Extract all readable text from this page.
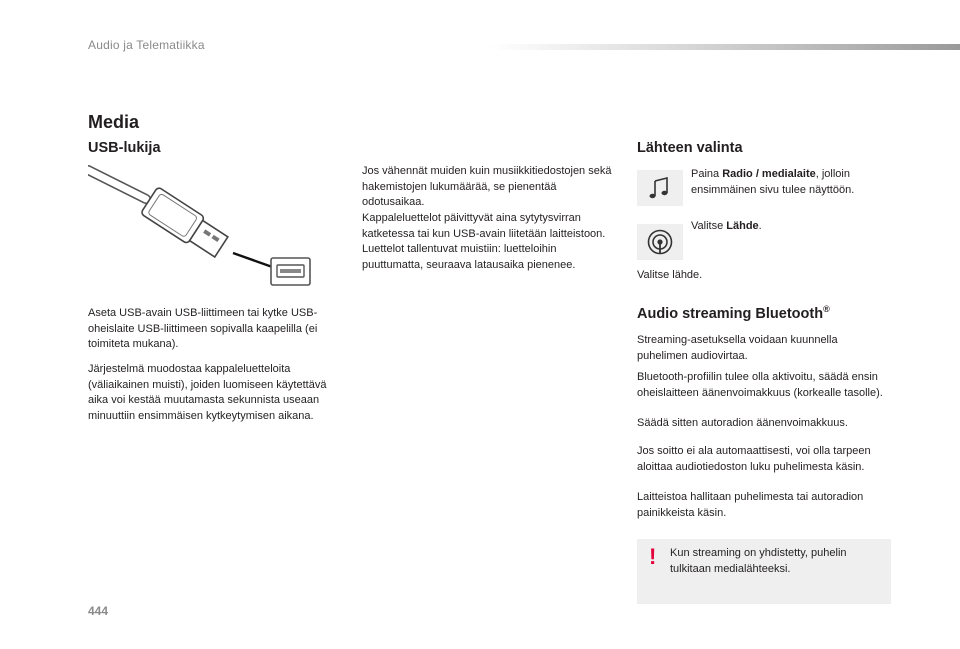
Audio ja Telematiikka
Media
USB-lukija

Aseta USB-avain USB-liittimeen tai kytke USB-oheislaite USB-liittimeen sopivalla kaapelilla (ei toimiteta mukana).

Järjestelmä muodostaa kappaleluetteloita (väliaikainen muisti), joiden luomiseen käytettävä aika voi kestää muutamasta sekunnista useaan minuuttiin ensimmäisen kytkeytymisen aikana.

Jos vähennät muiden kuin musiikkitiedostojen sekä hakemistojen lukumäärää, se pienentää odotusaikaa.

Kappaleluettelot päivittyvät aina sytytysvirran katketessa tai kun USB-avain liitetään laitteistoon. Luettelot tallentuvat muistiin: luetteloihin puuttumatta, seuraava latausaika pienenee.

Lähteen valinta

Paina Radio / medialaite, jolloin ensimmäinen sivu tulee näyttöön.

Valitse Lähde.

Valitse lähde.

Audio streaming Bluetooth®

Streaming-asetuksella voidaan kuunnella puhelimen audiovirtaa.

Bluetooth-profiilin tulee olla aktivoitu, säädä ensin oheislaitteen äänenvoimakkuus (korkealle tasolle).

Säädä sitten autoradion äänenvoimakkuus.

Jos soitto ei ala automaattisesti, voi olla tarpeen aloittaa audiotiedoston luku puhelimesta käsin.

Laitteistoa hallitaan puhelimesta tai autoradion painikkeista käsin.

! Kun streaming on yhdistetty, puhelin tulkitaan medialähteeksi.

444
